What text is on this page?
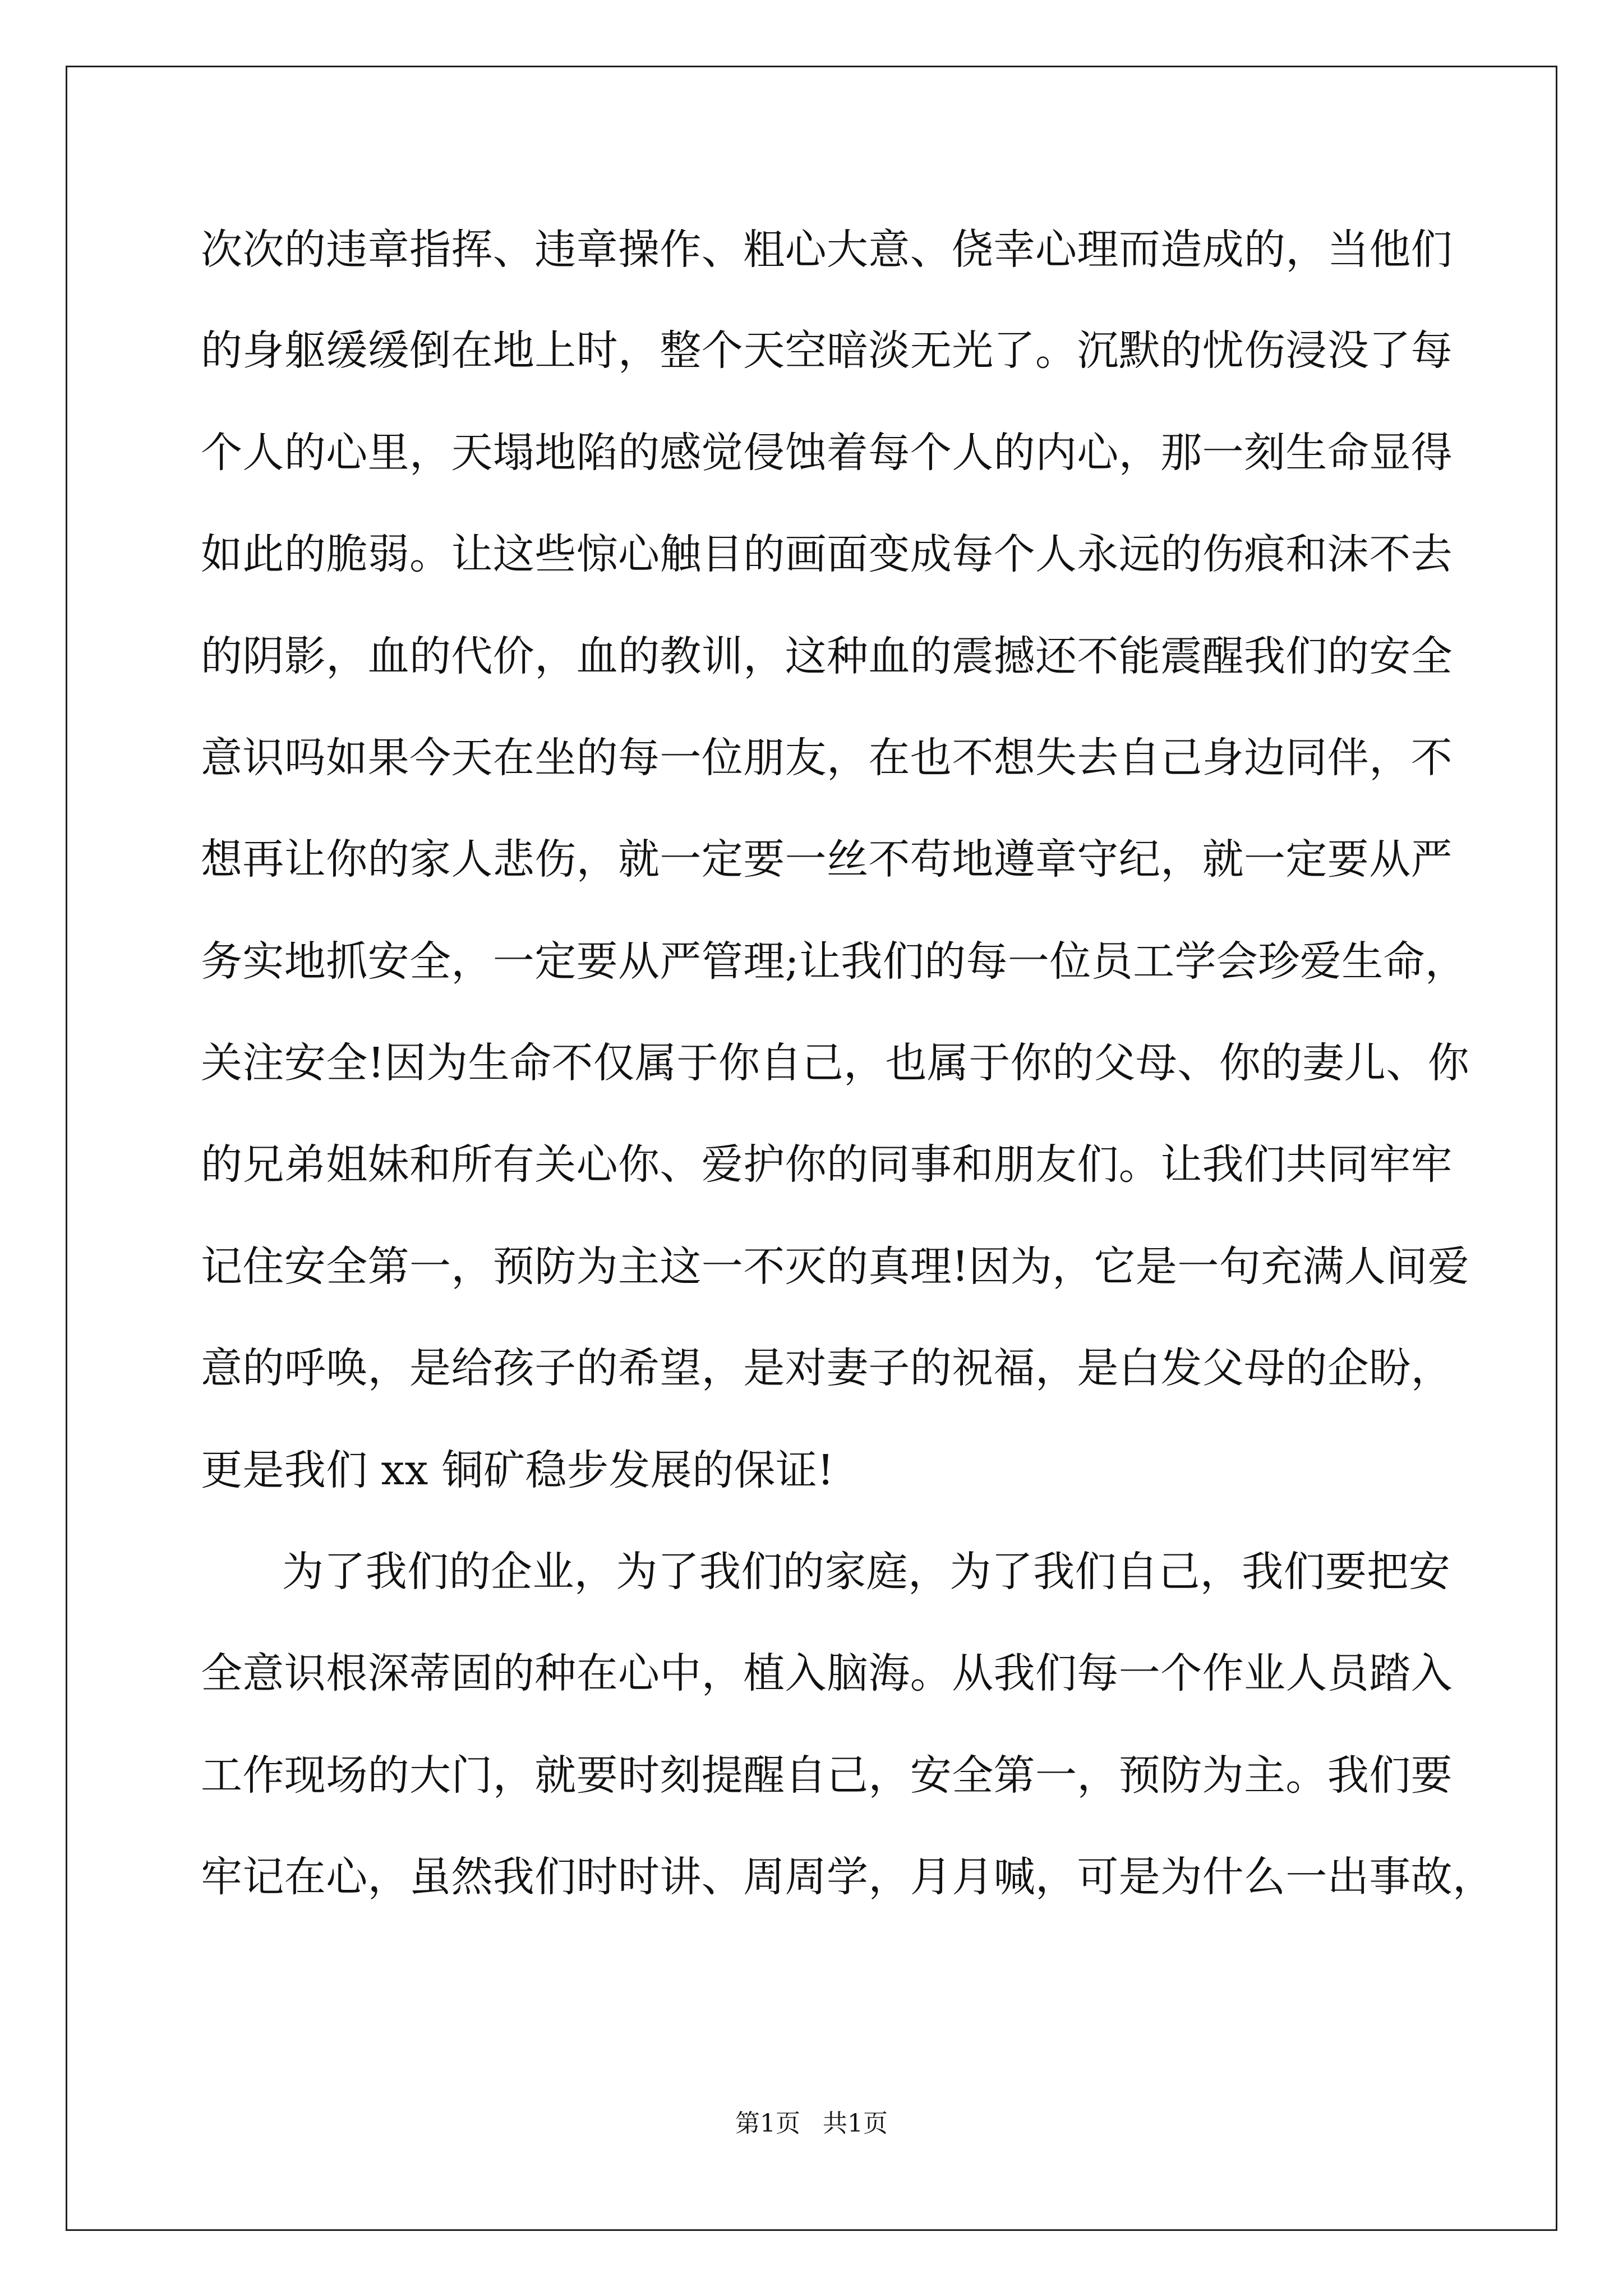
次次的违章指挥、违章操作、粗心大意、侥幸心理而造成的，当他们
的身躯缓缓倒在地上时，整个天空暗淡无光了。沉默的忧伤浸没了每
个人的心里，天塌地陷的感觉侵蚀着每个人的内心，那一刻生命显得
如此的脆弱。让这些惊心触目的画面变成每个人永远的伤痕和沫不去
的阴影，血的代价，血的教训，这种血的震撼还不能震醒我们的安全
意识吗如果今天在坐的每一位朋友，在也不想失去自己身边同伴，不
想再让你的家人悲伤，就一定要一丝不苟地遵章守纪，就一定要从严
务实地抓安全，一定要从严管理;让我们的每一位员工学会珍爱生命，
关注安全!因为生命不仅属于你自己，也属于你的父母、你的妻儿、你
的兄弟姐妹和所有关心你、爱护你的同事和朋友们。让我们共同牢牢
记住安全第一，预防为主这一不灭的真理!因为，它是一句充满人间爱
意的呼唤，是给孩子的希望，是对妻子的祝福，是白发父母的企盼，
更是我们 xx 铜矿稳步发展的保证!
为了我们的企业，为了我们的家庭，为了我们自己，我们要把安
全意识根深蒂固的种在心中，植入脑海。从我们每一个作业人员踏入
工作现场的大门，就要时刻提醒自己，安全第一，预防为主。我们要
牢记在心，虽然我们时时讲、周周学，月月喊，可是为什么一出事故，
第1页 共1页
